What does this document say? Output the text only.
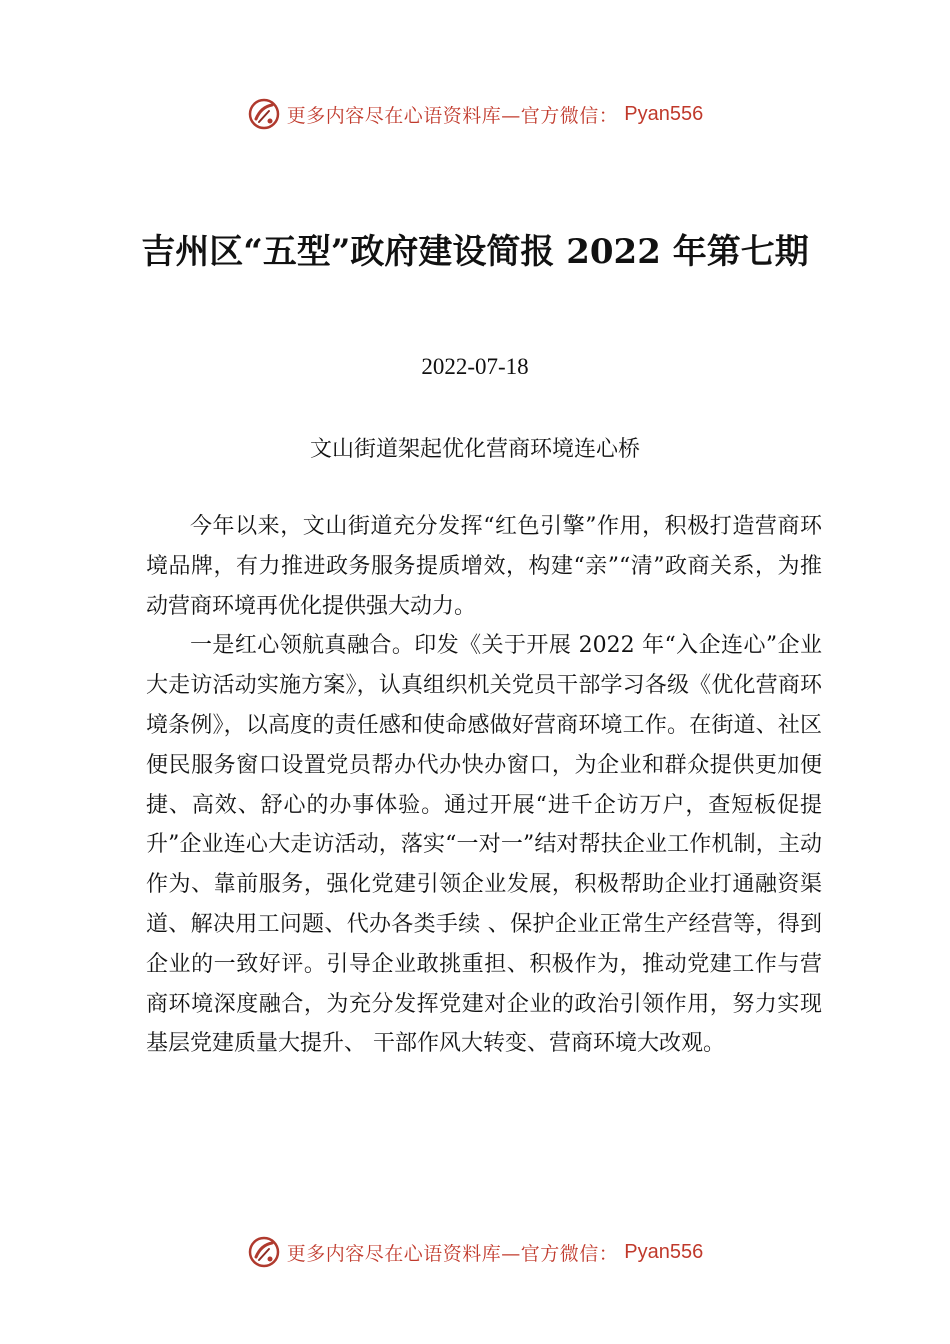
更多内容尽在心语资料库—官方微信： Pyan556
吉州区“五型”政府建设简报 2022 年第七期
2022-07-18
文山街道架起优化营商环境连心桥

今年以来，文山街道充分发挥“红色引擎”作用，积极打造营商环境品牌，有力推进政务服务提质增效，构建“亲”“清”政商关系，为推动营商环境再优化提供强大动力。

一是红心领航真融合。印发《关于开展 2022 年“入企连心”企业大走访活动实施方案》，认真组织机关党员干部学习各级《优化营商环境条例》，以高度的责任感和使命感做好营商环境工作。在街道、社区便民服务窗口设置党员帮办代办快办窗口，为企业和群众提供更加便捷、高效、舒心的办事体验。通过开展“进千企访万户，查短板促提升”企业连心大走访活动，落实“一对一”结对帮扶企业工作机制，主动作为、靠前服务，强化党建引领企业发展，积极帮助企业打通融资渠道、解决用工问题、代办各类手续 、保护企业正常生产经营等，得到企业的一致好评。引导企业敢挑重担、积极作为，推动党建工作与营商环境深度融合，为充分发挥党建对企业的政治引领作用，努力实现基层党建质量大提升、 干部作风大转变、营商环境大改观。

更多内容尽在心语资料库—官方微信： Pyan556
